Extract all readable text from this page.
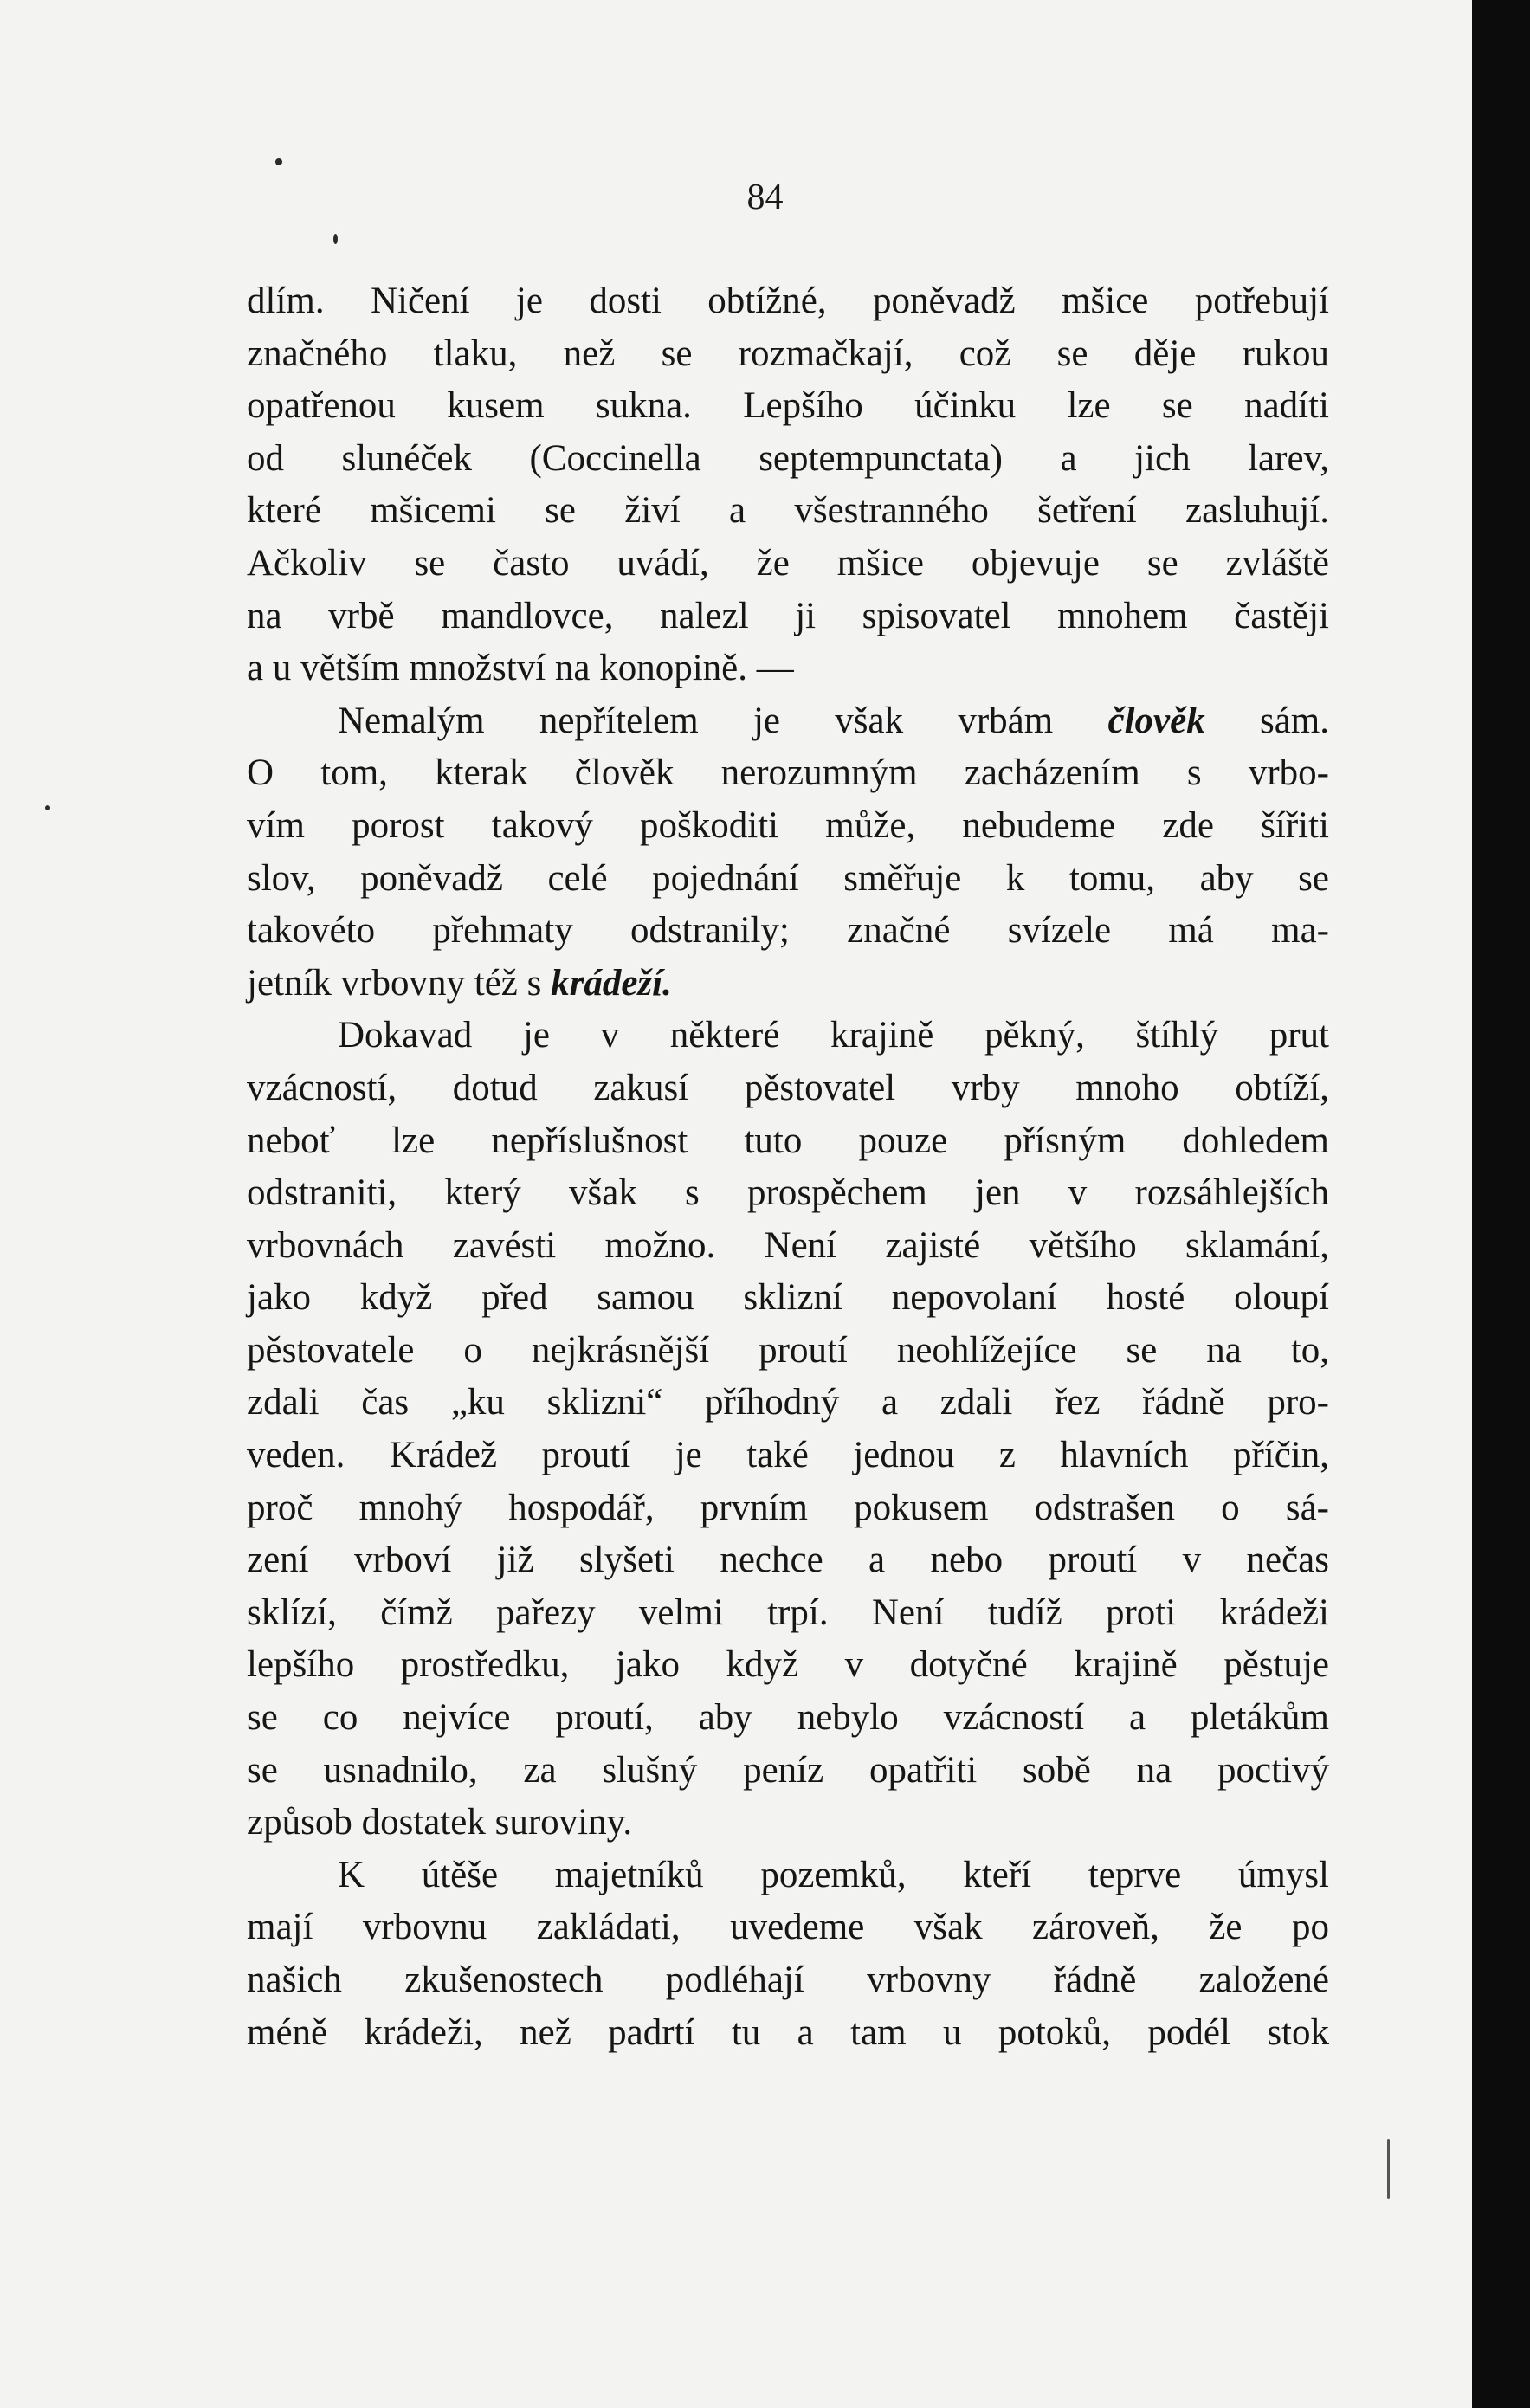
84

dlím. Ničení je dosti obtížné, poněvadž mšice potřebují
značného tlaku, než se rozmačkají, což se děje rukou
opatřenou kusem sukna. Lepšího účinku lze se nadíti
od slunéček (Coccinella septempunctata) a jich larev,
které mšicemi se živí a všestranného šetření zasluhují.
Ačkoliv se často uvádí, že mšice objevuje se zvláště
na vrbě mandlovce, nalezl ji spisovatel mnohem častěji
a u větším množství na konopině. —

Nemalým nepřítelem je však vrbám člověk sám.
O tom, kterak člověk nerozumným zacházením s vrbo-
vím porost takový poškoditi může, nebudeme zde šířiti
slov, poněvadž celé pojednání směřuje k tomu, aby se
takovéto přehmaty odstranily; značné svízele má ma-
jetník vrbovny též s krádeží.

Dokavad je v některé krajině pěkný, štíhlý prut
vzácností, dotud zakusí pěstovatel vrby mnoho obtíží,
neboť lze nepříslušnost tuto pouze přísným dohledem
odstraniti, který však s prospěchem jen v rozsáhlejších
vrbovnách zavésti možno. Není zajisté většího sklamání,
jako když před samou sklizní nepovolaní hosté oloupí
pěstovatele o nejkrásnější proutí neohlížejíce se na to,
zdali čas „ku sklizni“ příhodný a zdali řez řádně pro-
veden. Krádež proutí je také jednou z hlavních příčin,
proč mnohý hospodář, prvním pokusem odstrašen o sá-
zení vrboví již slyšeti nechce a nebo proutí v nečas
sklízí, čímž pařezy velmi trpí. Není tudíž proti krádeži
lepšího prostředku, jako když v dotyčné krajině pěstuje
se co nejvíce proutí, aby nebylo vzácností a pletákům
se usnadnilo, za slušný peníz opatřiti sobě na poctivý
způsob dostatek suroviny.

K útěše majetníků pozemků, kteří teprve úmysl
mají vrbovnu zakládati, uvedeme však zároveň, že po
našich zkušenostech podléhají vrbovny řádně založené
méně krádeži, než padrtí tu a tam u potoků, podél stok
